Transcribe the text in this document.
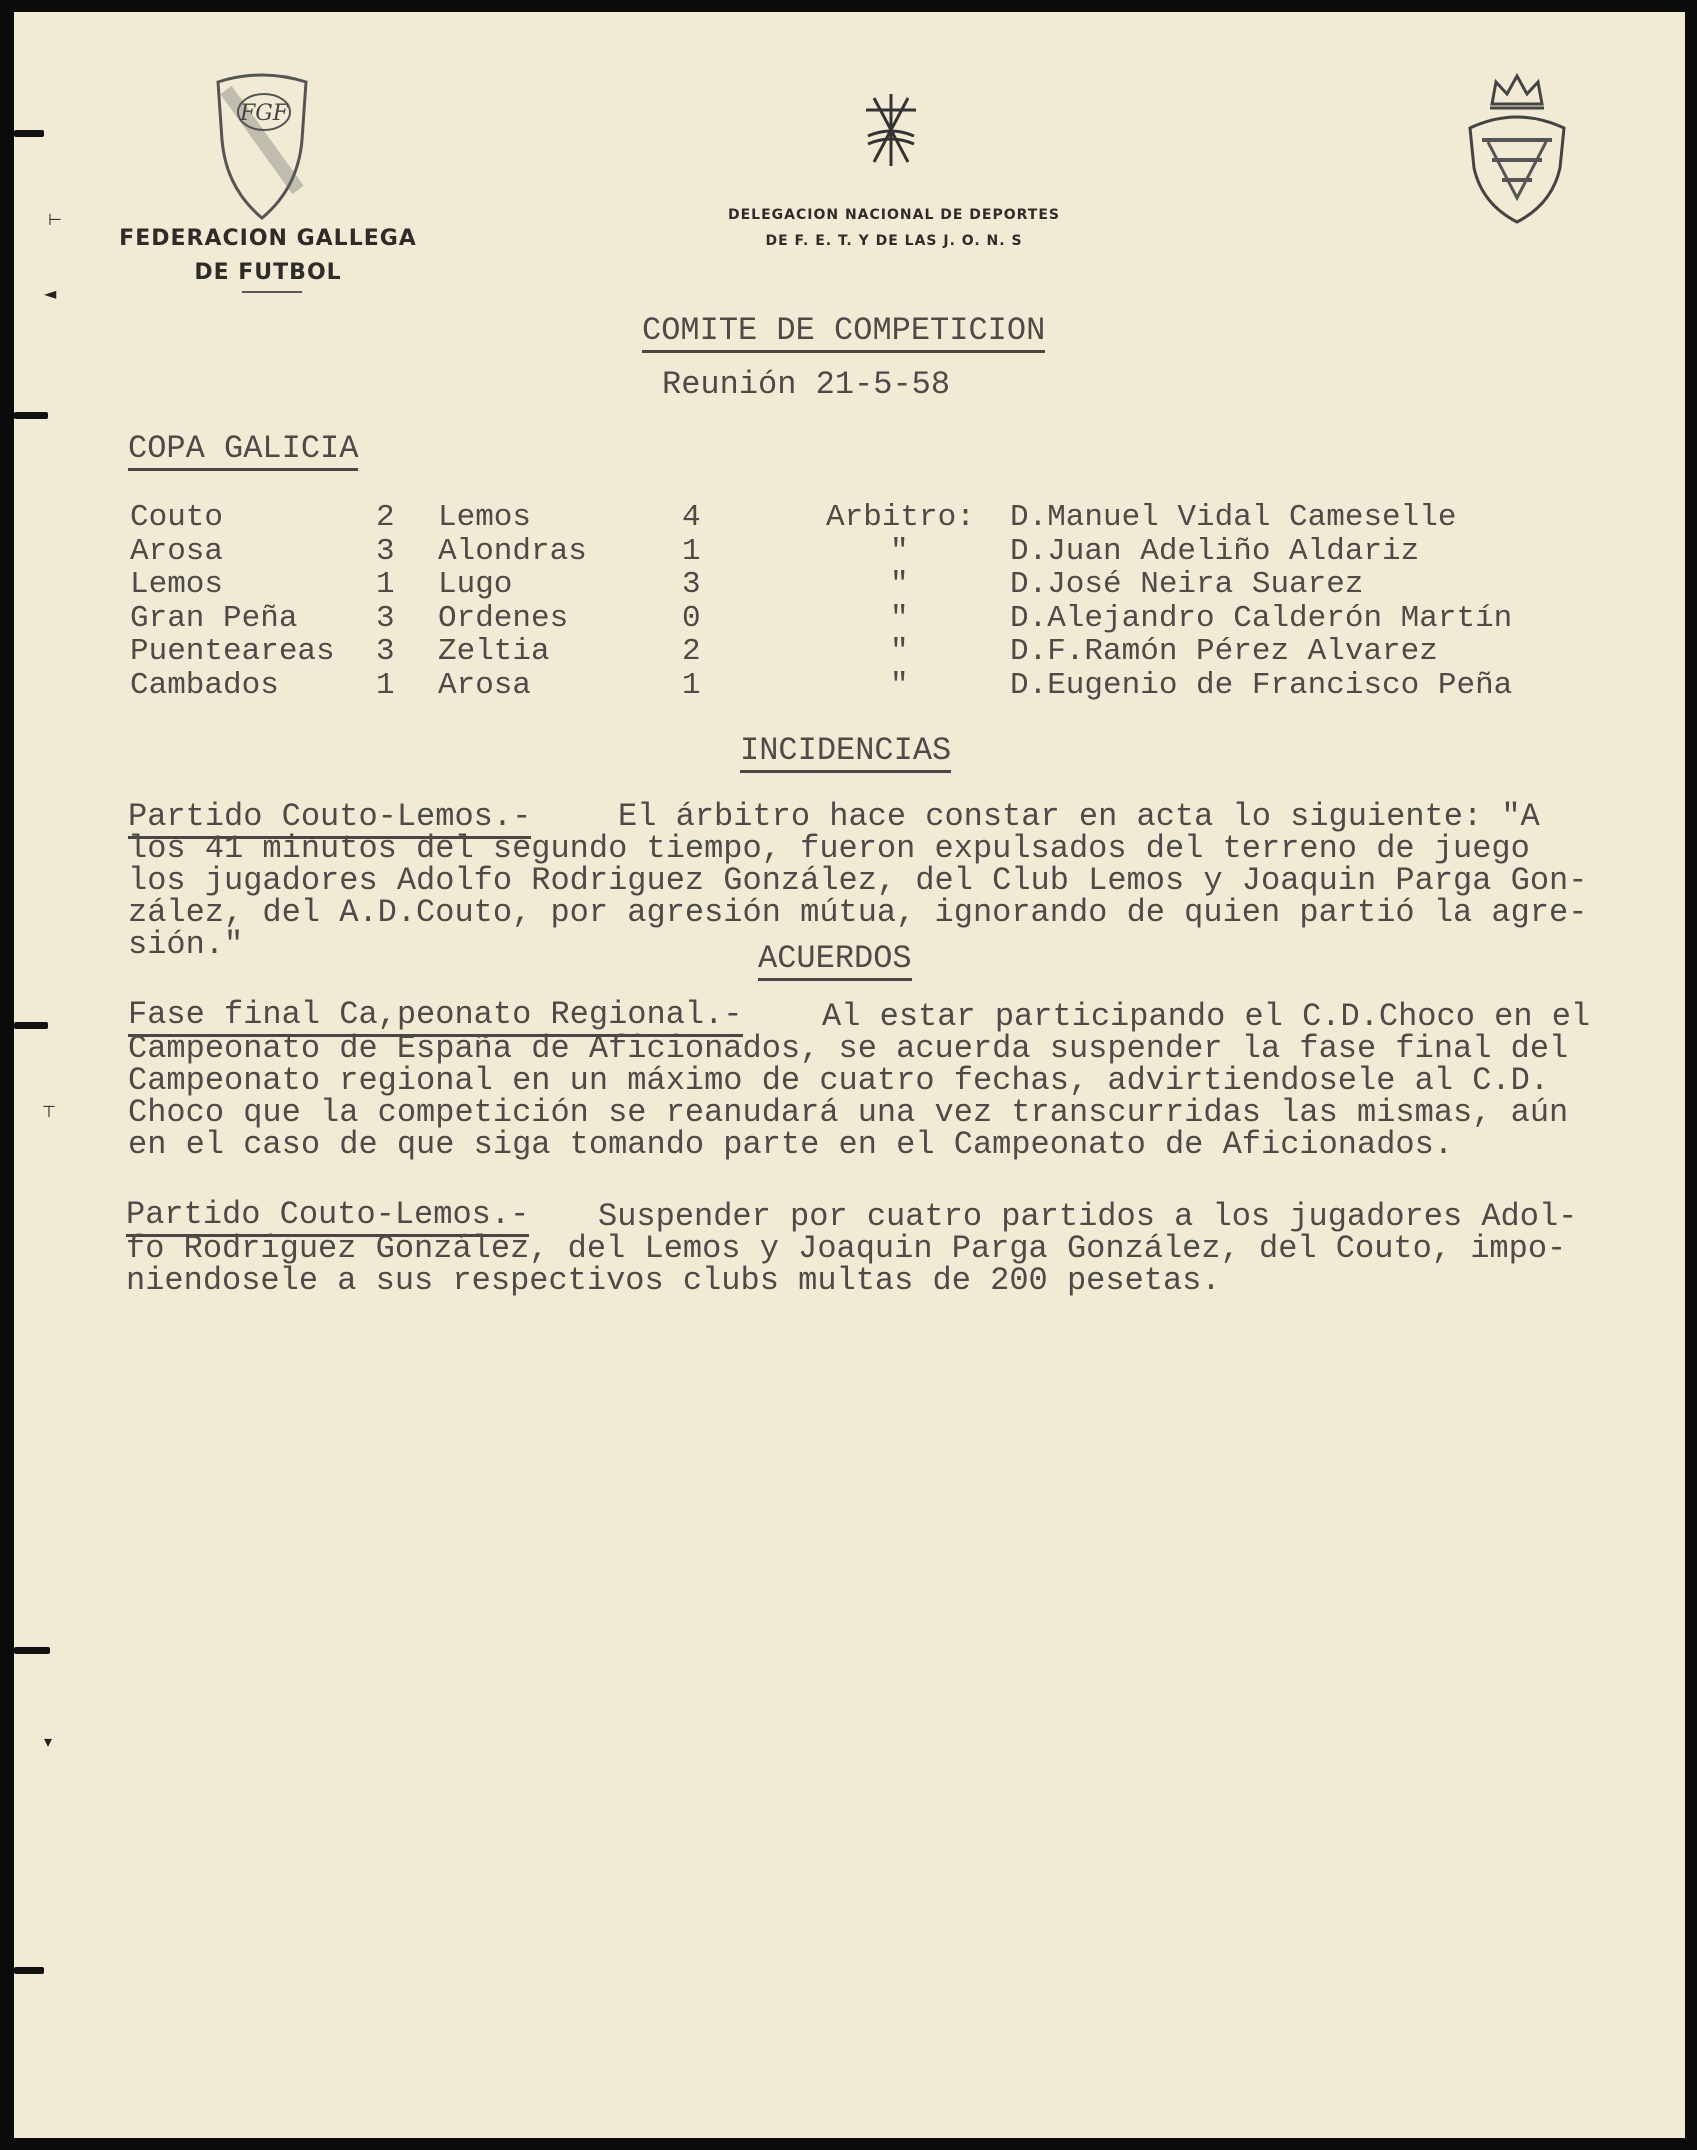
⊢
◄
⊤
▾
FGF
FEDERACION GALLEGA
DE FUTBOL
DELEGACION NACIONAL DE DEPORTES
DE F. E. T. Y DE LAS J. O. N. S
COMITE DE COMPETICION
Reunión 21-5-58
COPA GALICIA
Couto	2 Lemos	4	Arbitro: D.Manuel Vidal Cameselle
Arosa	3 Alondras	1	"	D.Juan Adeliño Aldariz
Lemos	1 Lugo	3	"	D.José Neira Suarez
Gran Peña	3 Ordenes	0	"	D.Alejandro Calderón Martín
Puenteareas 3 Zeltia	2	"	D.F.Ramón Pérez Alvarez
Cambados	1 Arosa	1	"	D.Eugenio de Francisco Peña
INCIDENCIAS
Partido Couto-Lemos.-	El árbitro hace constar en acta lo siguiente: "A
los 41 minutos del segundo tiempo, fueron expulsados del terreno de juego
los jugadores Adolfo Rodriguez González, del Club Lemos y Joaquin Parga Gon-
zález, del A.D.Couto, por agresión mútua, ignorando de quien partió la agre-
sión."	ACUERDOS
Fase final Ca,peonato Regional.- Al estar participando el C.D.Choco en el
Campeonato de España de Aficionados, se acuerda suspender la fase final del
Campeonato regional en un máximo de cuatro fechas, advirtiendosele al C.D.
Choco que la competición se reanudará una vez transcurridas las mismas, aún
en el caso de que siga tomando parte en el Campeonato de Aficionados.
Partido Couto-Lemos.- Suspender por cuatro partidos a los jugadores Adol-
fo Rodriguez González, del Lemos y Joaquin Parga González, del Couto, impo-
niendosele a sus respectivos clubs multas de 200 pesetas.
